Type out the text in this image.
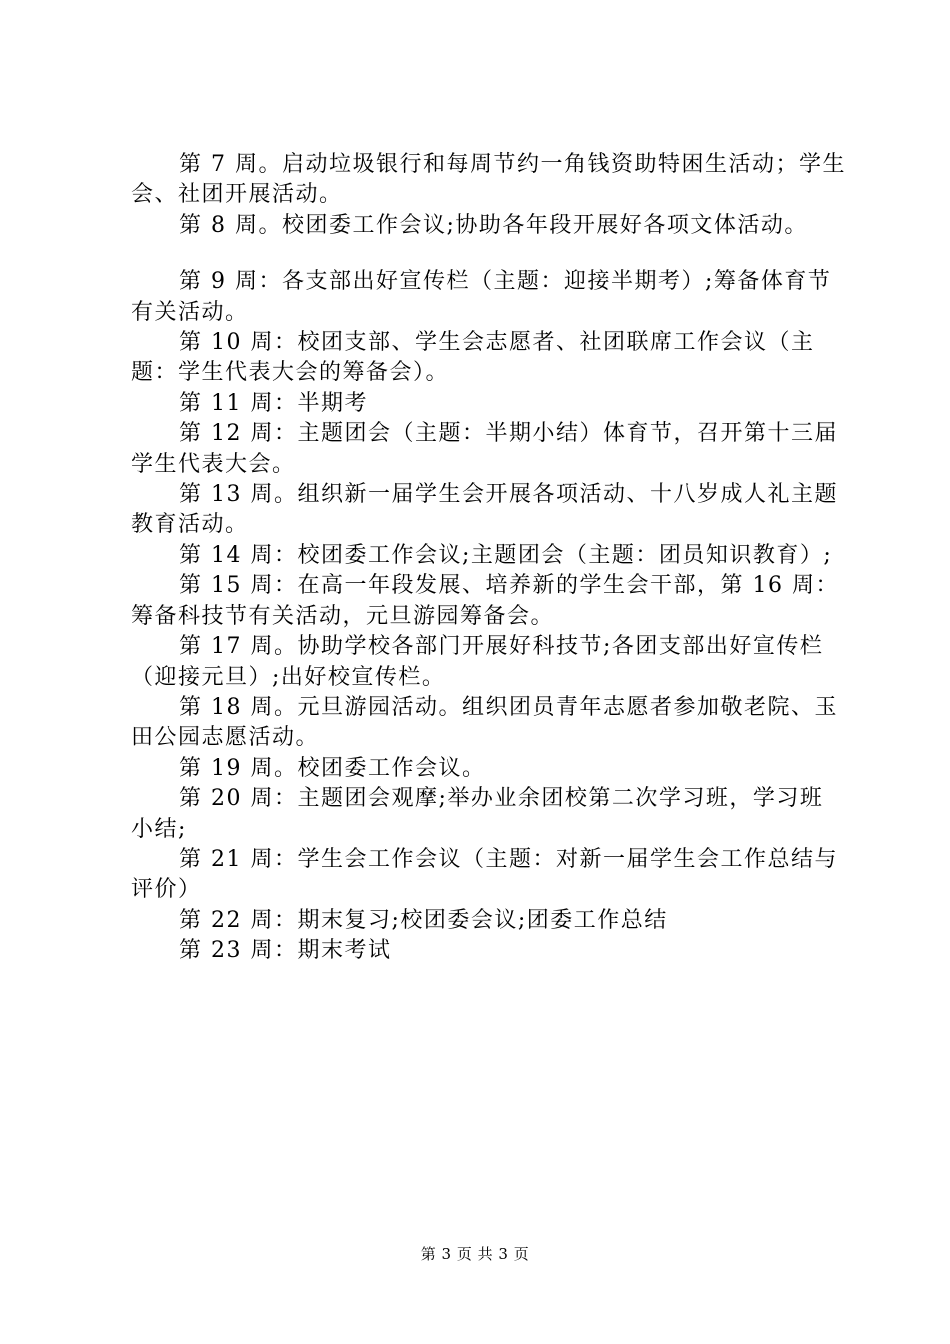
第 7 周。启动垃圾银行和每周节约一角钱资助特困生活动；学生会、社团开展活动。

第 8 周。校团委工作会议;协助各年段开展好各项文体活动。

第 9 周：各支部出好宣传栏（主题：迎接半期考）;筹备体育节有关活动。

第 10 周：校团支部、学生会志愿者、社团联席工作会议（主题：学生代表大会的筹备会）。

第 11 周：半期考

第 12 周：主题团会（主题：半期小结）体育节，召开第十三届学生代表大会。

第 13 周。组织新一届学生会开展各项活动、十八岁成人礼主题教育活动。

第 14 周：校团委工作会议;主题团会（主题：团员知识教育）;

第 15 周：在高一年段发展、培养新的学生会干部，第 16 周：筹备科技节有关活动，元旦游园筹备会。

第 17 周。协助学校各部门开展好科技节;各团支部出好宣传栏（迎接元旦）;出好校宣传栏。

第 18 周。元旦游园活动。组织团员青年志愿者参加敬老院、玉田公园志愿活动。

第 19 周。校团委工作会议。

第 20 周：主题团会观摩;举办业余团校第二次学习班，学习班小结;

第 21 周：学生会工作会议（主题：对新一届学生会工作总结与评价）

第 22 周：期末复习;校团委会议;团委工作总结

第 23 周：期末考试

第 3 页 共 3 页
